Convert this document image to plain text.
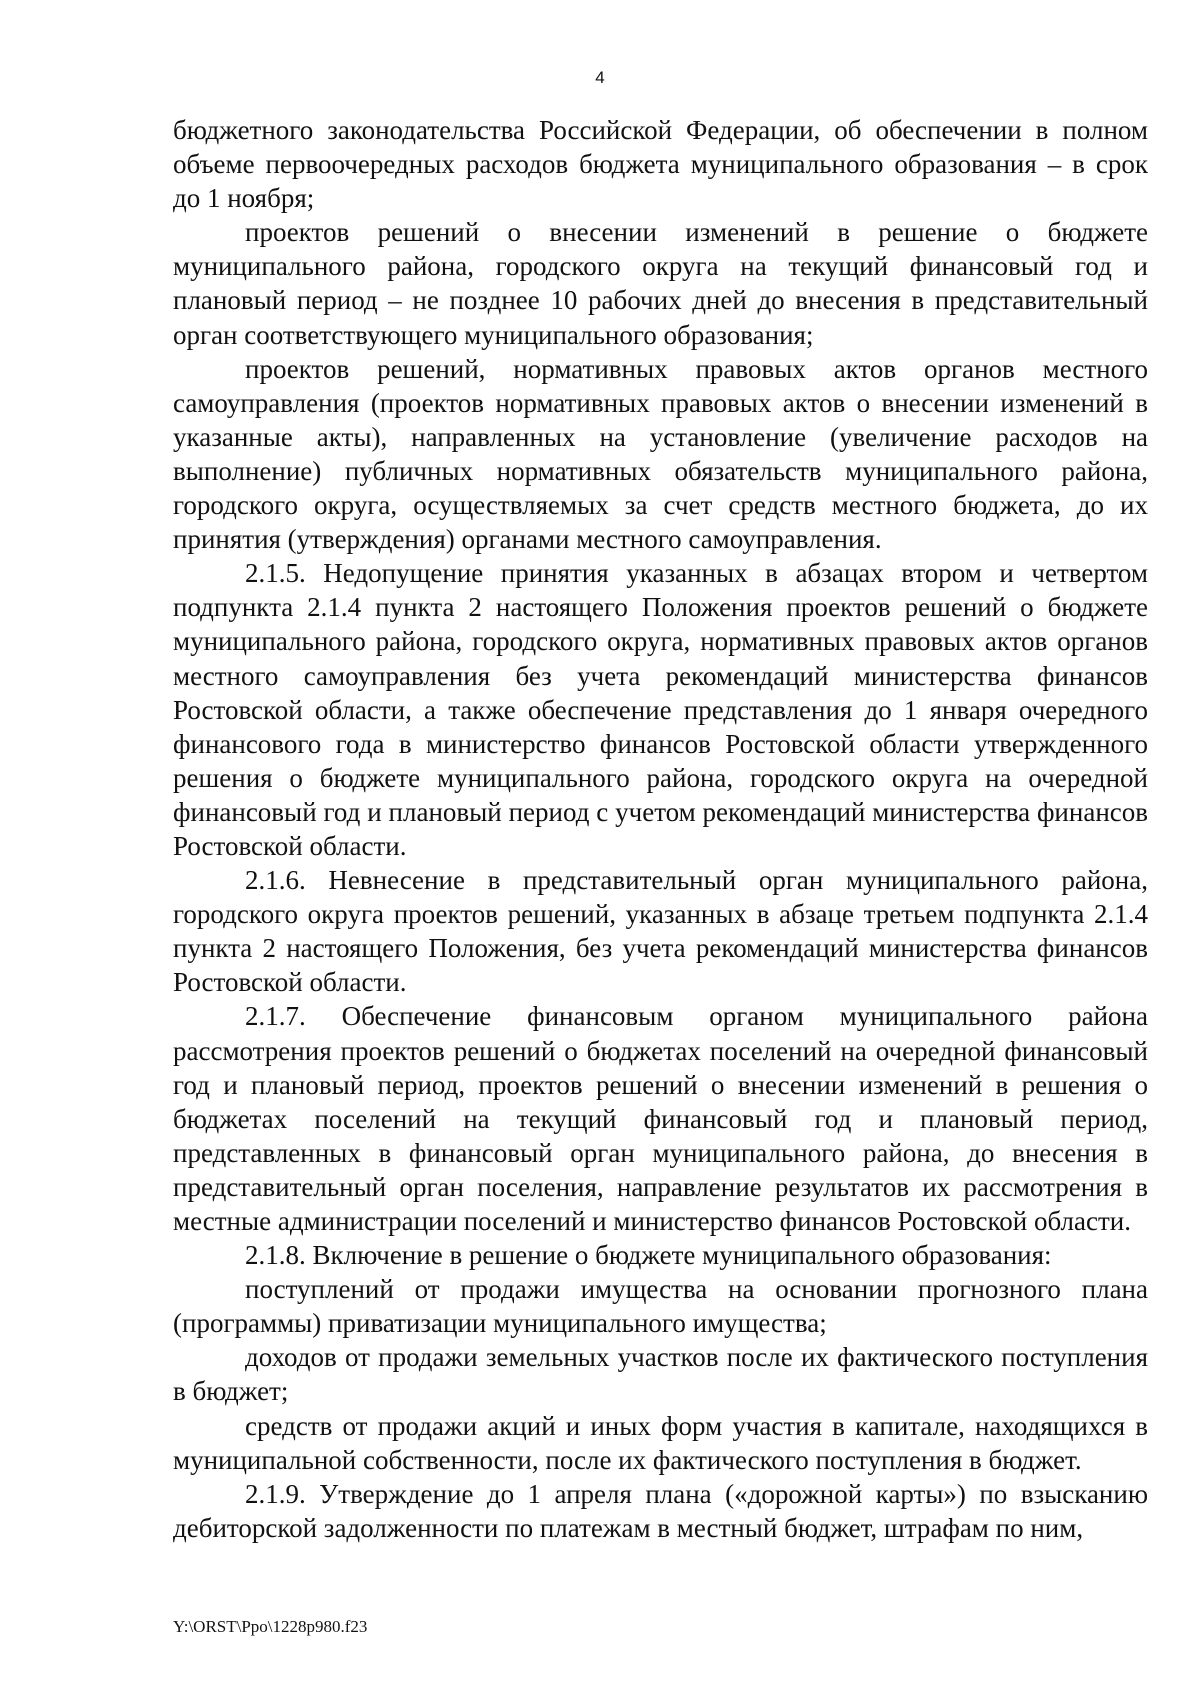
4

бюджетного законодательства Российской Федерации, об обеспечении в полном объеме первоочередных расходов бюджета муниципального образования – в срок до 1 ноября;

проектов решений о внесении изменений в решение о бюджете муниципального района, городского округа на текущий финансовый год и плановый период – не позднее 10 рабочих дней до внесения в представительный орган соответствующего муниципального образования;

проектов решений, нормативных правовых актов органов местного самоуправления (проектов нормативных правовых актов о внесении изменений в указанные акты), направленных на установление (увеличение расходов на выполнение) публичных нормативных обязательств муниципального района, городского округа, осуществляемых за счет средств местного бюджета, до их принятия (утверждения) органами местного самоуправления.

2.1.5. Недопущение принятия указанных в абзацах втором и четвертом подпункта 2.1.4 пункта 2 настоящего Положения проектов решений о бюджете муниципального района, городского округа, нормативных правовых актов органов местного самоуправления без учета рекомендаций министерства финансов Ростовской области, а также обеспечение представления до 1 января очередного финансового года в министерство финансов Ростовской области утвержденного решения о бюджете муниципального района, городского округа на очередной финансовый год и плановый период с учетом рекомендаций министерства финансов Ростовской области.

2.1.6. Невнесение в представительный орган муниципального района, городского округа проектов решений, указанных в абзаце третьем подпункта 2.1.4 пункта 2 настоящего Положения, без учета рекомендаций министерства финансов Ростовской области.

2.1.7. Обеспечение финансовым органом муниципального района рассмотрения проектов решений о бюджетах поселений на очередной финансовый год и плановый период, проектов решений о внесении изменений в решения о бюджетах поселений на текущий финансовый год и плановый период, представленных в финансовый орган муниципального района, до внесения в представительный орган поселения, направление результатов их рассмотрения в местные администрации поселений и министерство финансов Ростовской области.

2.1.8. Включение в решение о бюджете муниципального образования:

поступлений от продажи имущества на основании прогнозного плана (программы) приватизации муниципального имущества;

доходов от продажи земельных участков после их фактического поступления в бюджет;

средств от продажи акций и иных форм участия в капитале, находящихся в муниципальной собственности, после их фактического поступления в бюджет.

2.1.9. Утверждение до 1 апреля плана («дорожной карты») по взысканию дебиторской задолженности по платежам в местный бюджет, штрафам по ним,

Y:\ORST\Ppo\1228p980.f23
